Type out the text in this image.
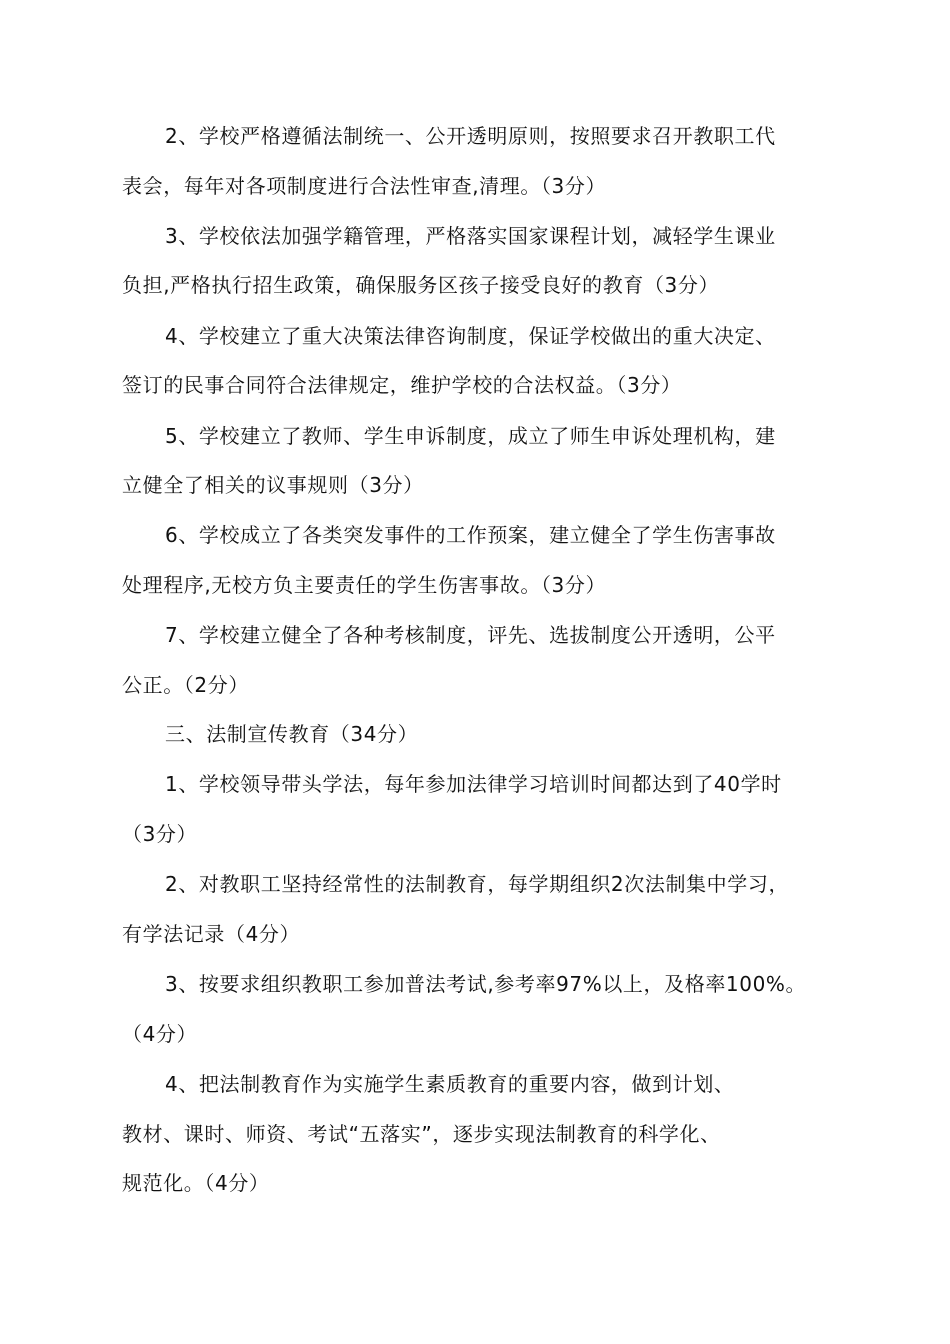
2、学校严格遵循法制统一、公开透明原则，按照要求召开教职工代
表会，每年对各项制度进行合法性审查,清理。（3分）
3、学校依法加强学籍管理，严格落实国家课程计划，减轻学生课业
负担,严格执行招生政策，确保服务区孩子接受良好的教育（3分）
4、学校建立了重大决策法律咨询制度，保证学校做出的重大决定、
签订的民事合同符合法律规定，维护学校的合法权益。（3分）
5、学校建立了教师、学生申诉制度，成立了师生申诉处理机构，建
立健全了相关的议事规则（3分）
6、学校成立了各类突发事件的工作预案，建立健全了学生伤害事故
处理程序,无校方负主要责任的学生伤害事故。（3分）
7、学校建立健全了各种考核制度，评先、选拔制度公开透明，公平
公正。（2分）
三、法制宣传教育（34分）
1、学校领导带头学法，每年参加法律学习培训时间都达到了40学时
（3分）
2、对教职工坚持经常性的法制教育，每学期组织2次法制集中学习，
有学法记录（4分）
3、按要求组织教职工参加普法考试,参考率97%以上，及格率100%。
（4分）
4、把法制教育作为实施学生素质教育的重要内容，做到计划、
教材、课时、师资、考试“五落实”，逐步实现法制教育的科学化、
规范化。（4分）
